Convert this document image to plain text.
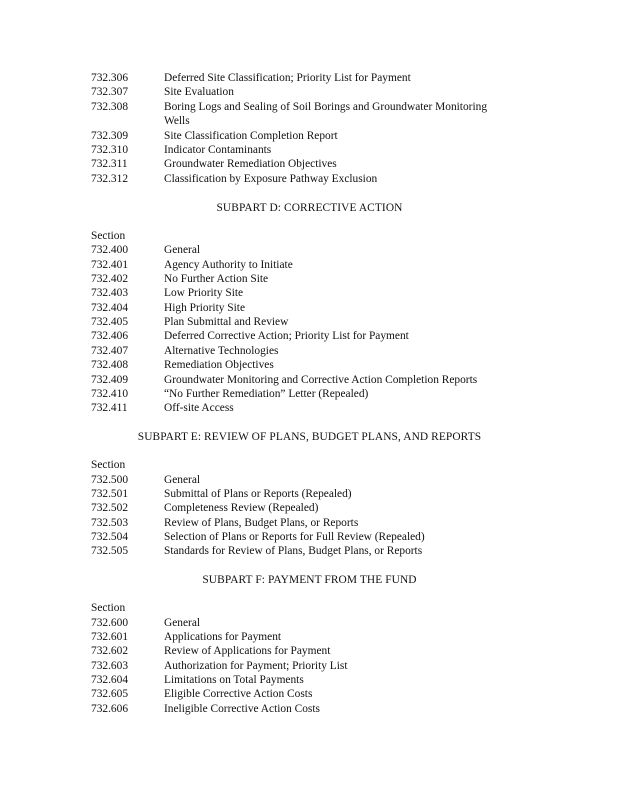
732.306	Deferred Site Classification; Priority List for Payment
732.307	Site Evaluation
732.308	Boring Logs and Sealing of Soil Borings and Groundwater Monitoring
Wells
732.309	Site Classification Completion Report
732.310	Indicator Contaminants
732.311	Groundwater Remediation Objectives
732.312	Classification by Exposure Pathway Exclusion
SUBPART D: CORRECTIVE ACTION
Section
732.400	General
732.401	Agency Authority to Initiate
732.402	No Further Action Site
732.403	Low Priority Site
732.404	High Priority Site
732.405	Plan Submittal and Review
732.406	Deferred Corrective Action; Priority List for Payment
732.407	Alternative Technologies
732.408	Remediation Objectives
732.409	Groundwater Monitoring and Corrective Action Completion Reports
732.410	“No Further Remediation” Letter (Repealed)
732.411	Off-site Access
SUBPART E: REVIEW OF PLANS, BUDGET PLANS, AND REPORTS
Section
732.500	General
732.501	Submittal of Plans or Reports (Repealed)
732.502	Completeness Review (Repealed)
732.503	Review of Plans, Budget Plans, or Reports
732.504	Selection of Plans or Reports for Full Review (Repealed)
732.505	Standards for Review of Plans, Budget Plans, or Reports
SUBPART F: PAYMENT FROM THE FUND
Section
732.600	General
732.601	Applications for Payment
732.602	Review of Applications for Payment
732.603	Authorization for Payment; Priority List
732.604	Limitations on Total Payments
732.605	Eligible Corrective Action Costs
732.606	Ineligible Corrective Action Costs
